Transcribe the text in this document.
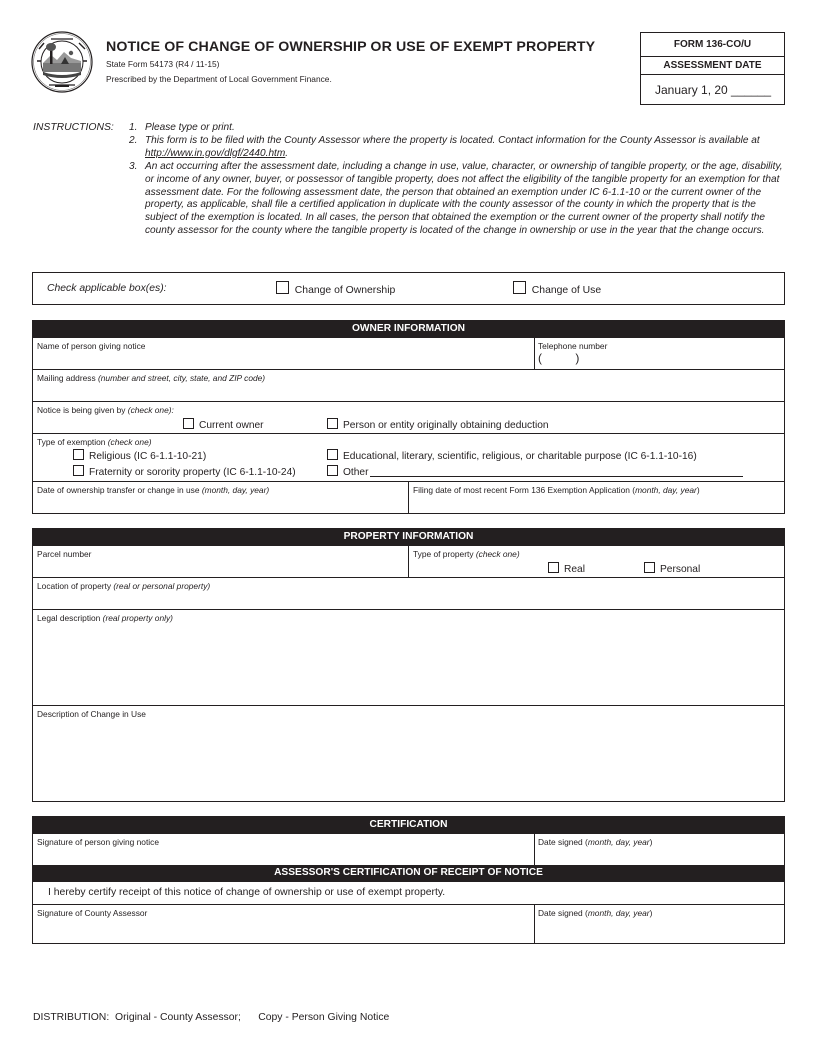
NOTICE OF CHANGE OF OWNERSHIP OR USE OF EXEMPT PROPERTY
State Form 54173 (R4 / 11-15)
Prescribed by the Department of Local Government Finance.
FORM 136-CO/U
ASSESSMENT DATE
January 1, 20 ______
INSTRUCTIONS: 1. Please type or print.
2. This form is to be filed with the County Assessor where the property is located. Contact information for the County Assessor is available at http://www.in.gov/dlgf/2440.htm.
3. An act occurring after the assessment date, including a change in use, value, character, or ownership of tangible property, or the age, disability, or income of any owner, buyer, or possessor of tangible property, does not affect the eligibility of the tangible property for an exemption for that assessment date. For the following assessment date, the person that obtained an exemption under IC 6-1.1-10 or the current owner of the property, as applicable, shall file a certified application in duplicate with the county assessor of the county in which the property that is the subject of the exemption is located. In all cases, the person that obtained the exemption or the current owner of the property shall notify the county assessor for the county where the tangible property is located of the change in ownership or use in the year that the change occurs.
Check applicable box(es):	Change of Ownership	Change of Use
OWNER INFORMATION
Name of person giving notice	Telephone number
(          )
Mailing address (number and street, city, state, and ZIP code)
Notice is being given by (check one):
Current owner	Person or entity originally obtaining deduction
Type of exemption (check one)
Religious (IC 6-1.1-10-21)
Fraternity or sorority property (IC 6-1.1-10-24)
Educational, literary, scientific, religious, or charitable purpose (IC 6-1.1-10-16)
Other
Date of ownership transfer or change in use (month, day, year)	Filing date of most recent Form 136 Exemption Application (month, day, year)
PROPERTY INFORMATION
Parcel number	Type of property (check one)
Real	Personal
Location of property (real or personal property)
Legal description (real property only)
Description of Change in Use
CERTIFICATION
Signature of person giving notice	Date signed (month, day, year)
ASSESSOR'S CERTIFICATION OF RECEIPT OF NOTICE
I hereby certify receipt of this notice of change of ownership or use of exempt property.
Signature of County Assessor	Date signed (month, day, year)
DISTRIBUTION: Original - County Assessor; Copy - Person Giving Notice
